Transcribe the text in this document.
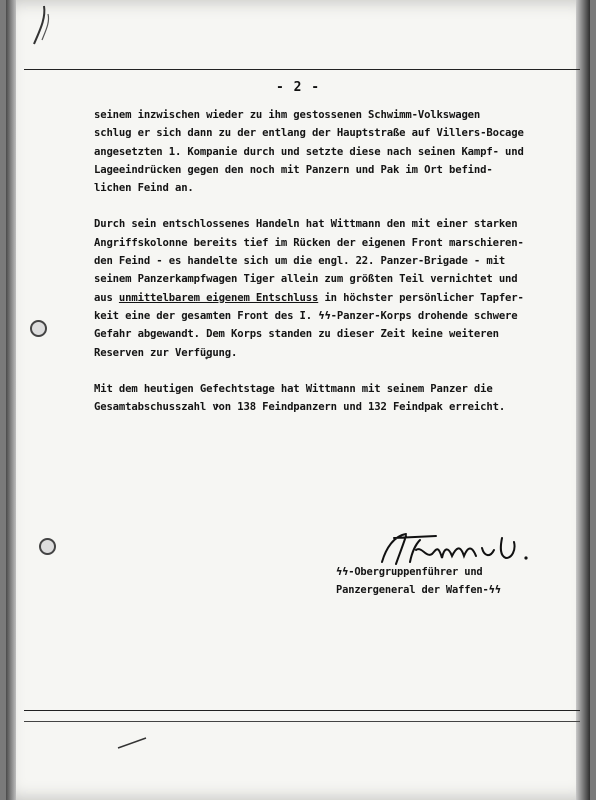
- 2 -

seinem inzwischen wieder zu ihm gestossenen Schwimm-Volkswagen
schlug er sich dann zu der entlang der Hauptstraße auf Villers-Bocage
angesetzten 1. Kompanie durch und setzte diese nach seinen Kampf- und
Lageeindrücken gegen den noch mit Panzern und Pak im Ort befind-
lichen Feind an.

Durch sein entschlossenes Handeln hat Wittmann den mit einer starken
Angriffskolonne bereits tief im Rücken der eigenen Front marschieren-
den Feind - es handelte sich um die engl. 22. Panzer-Brigade - mit
seinem Panzerkampfwagen Tiger allein zum größten Teil vernichtet und
aus unmittelbarem eigenem Entschluss in höchster persönlicher Tapfer-
keit eine der gesamten Front des I. ϟϟ-Panzer-Korps drohende schwere
Gefahr abgewandt. Dem Korps standen zu dieser Zeit keine weiteren
Reserven zur Verfügung.

Mit dem heutigen Gefechtstage hat Wittmann mit seinem Panzer die
Gesamtabschusszahl von 138 Feindpanzern und 132 Feindpak erreicht.

ϟϟ-Obergruppenführer und
Panzergeneral der Waffen-ϟϟ
